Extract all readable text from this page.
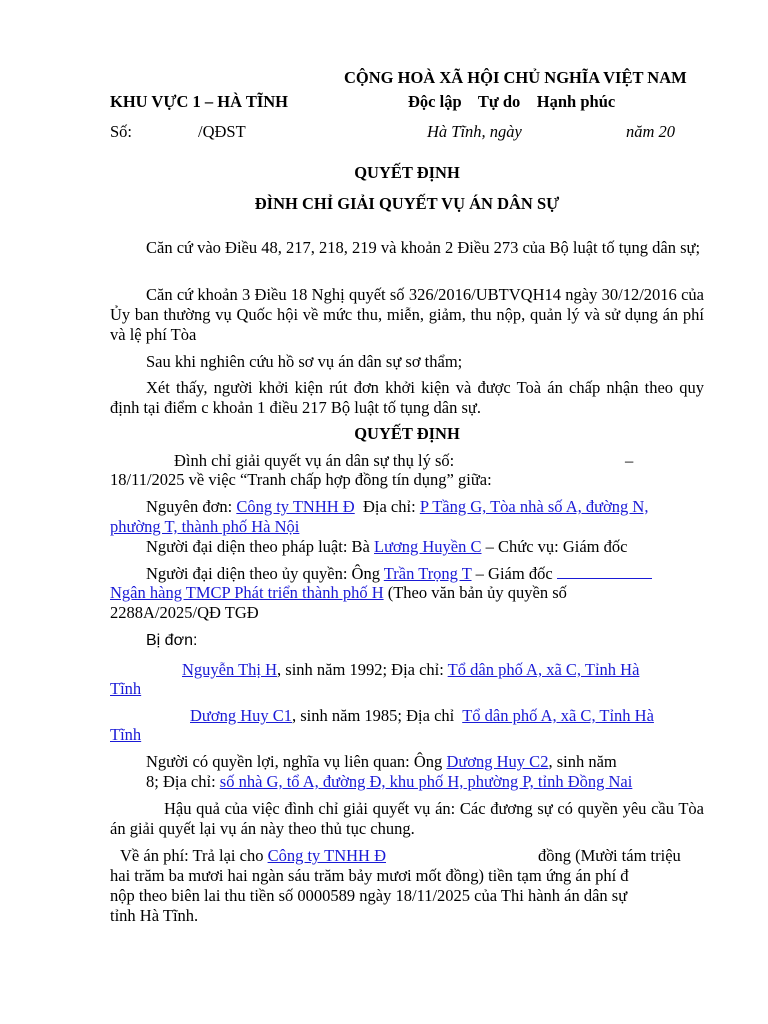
CỘNG HOÀ XÃ HỘI CHỦ NGHĨA VIỆT NAM
KHU VỰC 1 – HÀ TĨNH	Độc lập    Tự do    Hạnh phúc
Số:	/QĐST	Hà Tĩnh, ngày	năm 20
QUYẾT ĐỊNH
ĐÌNH CHỈ GIẢI QUYẾT VỤ ÁN DÂN SỰ
Căn cứ vào Điều 48, 217, 218, 219 và khoản 2 Điều 273 của Bộ luật tố tụng dân sự;
Căn cứ khoản 3 Điều 18 Nghị quyết số 326/2016/UBTVQH14 ngày 30/12/2016 của Ủy ban thường vụ Quốc hội về mức thu, miễn, giảm, thu nộp, quản lý và sử dụng án phí và lệ phí Tòa
Sau khi nghiên cứu hồ sơ vụ án dân sự sơ thẩm;
Xét thấy, người khởi kiện rút đơn khởi kiện và được Toà án chấp nhận theo quy định tại điểm c khoản 1 điều 217 Bộ luật tố tụng dân sự.
QUYẾT ĐỊNH
Đình chỉ giải quyết vụ án dân sự thụ lý số:	–
18/11/2025 về việc “Tranh chấp hợp đồng tín dụng” giữa:
Nguyên đơn: Công ty TNHH Đ Địa chỉ: P Tầng G, Tòa nhà số A, đường N,
phường T, thành phố Hà Nội
Người đại diện theo pháp luật: Bà Lương Huyền C – Chức vụ: Giám đốc
Người đại diện theo ủy quyền: Ông Trần Trọng T – Giám đốc
Ngân hàng TMCP Phát triển thành phố H (Theo văn bản ủy quyền số
2288A/2025/QĐ TGĐ
Bị đơn:
Nguyễn Thị H, sinh năm 1992; Địa chỉ: Tổ dân phố A, xã C, Tỉnh Hà
Tĩnh
Dương Huy C1, sinh năm 1985; Địa chỉ  Tổ dân phố A, xã C, Tỉnh Hà
Tĩnh
Người có quyền lợi, nghĩa vụ liên quan: Ông Dương Huy C2, sinh năm
8; Địa chỉ: số nhà G, tổ A, đường Đ, khu phố H, phường P, tỉnh Đồng Nai
Hậu quả của việc đình chỉ giải quyết vụ án: Các đương sự có quyền yêu cầu Tòa án giải quyết lại vụ án này theo thủ tục chung.
Về án phí: Trả lại cho Công ty TNHH Đ	đồng (Mười tám triệu
hai trăm ba mươi hai ngàn sáu trăm bảy mươi mốt đồng) tiền tạm ứng án phí đ
nộp theo biên lai thu tiền số 0000589 ngày 18/11/2025 của Thi hành án dân sự
tỉnh Hà Tĩnh.
